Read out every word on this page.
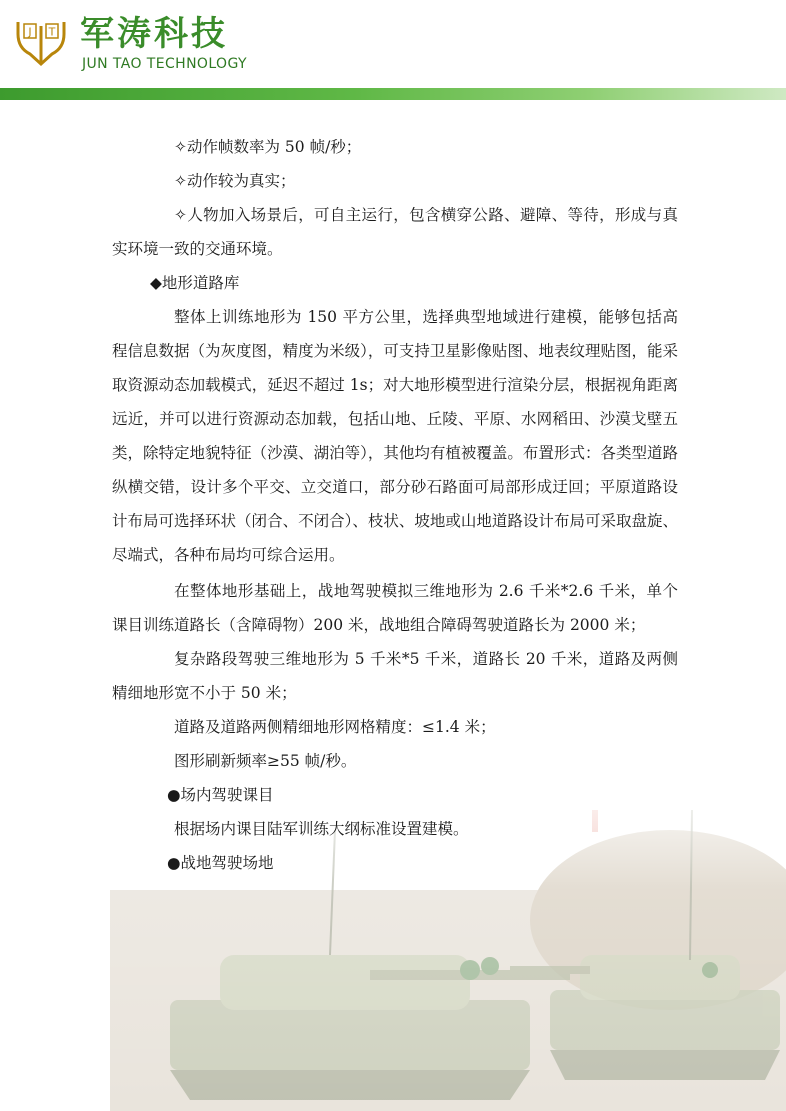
J T 军涛科技
JUN TAO TECHNOLOGY

✧动作帧数率为 50 帧/秒；

✧动作较为真实；

✧人物加入场景后，可自主运行，包含横穿公路、避障、等待，形成与真实环境一致的交通环境。

◆地形道路库

整体上训练地形为 150 平方公里，选择典型地域进行建模，能够包括高程信息数据（为灰度图，精度为米级），可支持卫星影像贴图、地表纹理贴图，能采取资源动态加载模式，延迟不超过 1s；对大地形模型进行渲染分层，根据视角距离远近，并可以进行资源动态加载，包括山地、丘陵、平原、水网稻田、沙漠戈壁五类，除特定地貌特征（沙漠、湖泊等），其他均有植被覆盖。布置形式：各类型道路纵横交错，设计多个平交、立交道口，部分砂石路面可局部形成迂回；平原道路设计布局可选择环状（闭合、不闭合）、枝状、坡地或山地道路设计布局可采取盘旋、尽端式，各种布局均可综合运用。

在整体地形基础上，战地驾驶模拟三维地形为 2.6 千米*2.6 千米，单个课目训练道路长（含障碍物）200 米，战地组合障碍驾驶道路长为 2000 米；

复杂路段驾驶三维地形为 5 千米*5 千米，道路长 20 千米，道路及两侧精细地形宽不小于 50 米；

道路及道路两侧精细地形网格精度：≤1.4 米；

图形刷新频率≥55 帧/秒。

●场内驾驶课目

根据场内课目陆军训练大纲标准设置建模。

●战地驾驶场地
